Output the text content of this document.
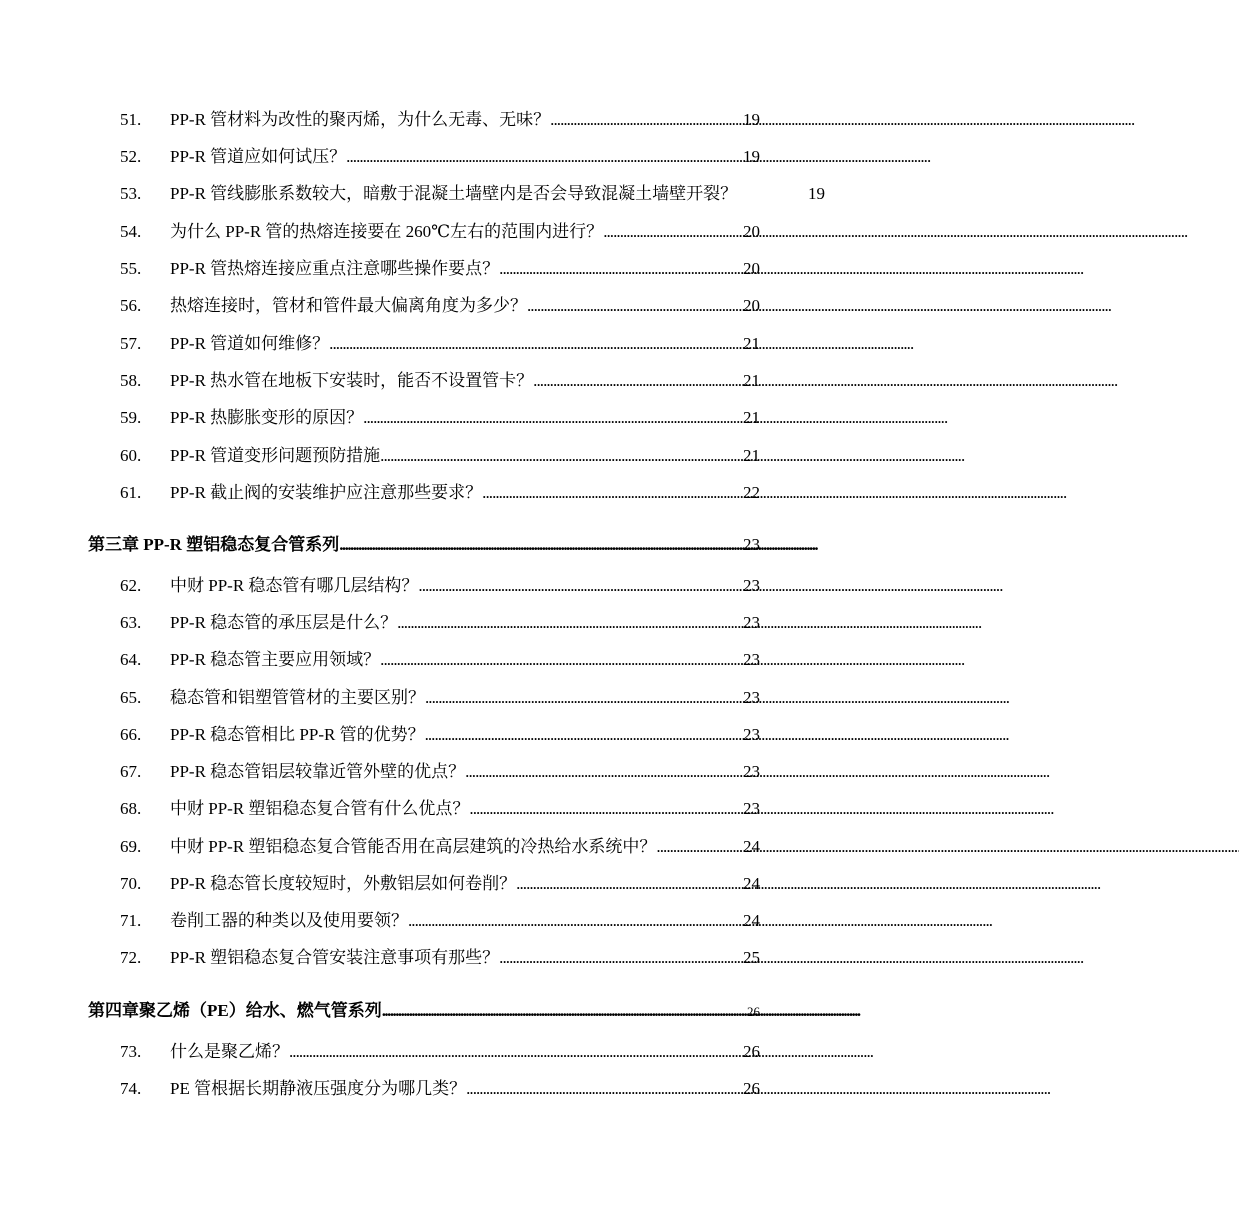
51.	PP-R 管材料为改性的聚丙烯，为什么无毒、无味？ . . .	19
52.	PP-R 管道应如何试压？ . . .	19
53.	PP-R 管线膨胀系数较大，暗敷于混凝土墙壁内是否会导致混凝土墙壁开裂？	19
54.	为什么 PP-R 管的热熔连接要在 260℃左右的范围内进行？ . . .	20
55.	PP-R 管热熔连接应重点注意哪些操作要点？ . . .	20
56.	热熔连接时，管材和管件最大偏离角度为多少？ . . .	20
57.	PP-R 管道如何维修？ . . .	21
58.	PP-R 热水管在地板下安装时，能否不设置管卡？ . . .	21
59.	PP-R 热膨胀变形的原因？ . . .	21
60.	PP-R 管道变形问题预防措施 . . .	21
61.	PP-R 截止阀的安装维护应注意那些要求？ . . .	22
第三章 PP-R 塑铝稳态复合管系列 . . .	23
62.	中财 PP-R 稳态管有哪几层结构？ . . .	23
63.	PP-R 稳态管的承压层是什么？ . . .	23
64.	PP-R 稳态管主要应用领域？ . . .	23
65.	稳态管和铝塑管管材的主要区别？ . . .	23
66.	PP-R 稳态管相比 PP-R 管的优势？ . . .	23
67.	PP-R 稳态管铝层较靠近管外壁的优点？ . . .	23
68.	中财 PP-R 塑铝稳态复合管有什么优点？ . . .	23
69.	中财 PP-R 塑铝稳态复合管能否用在高层建筑的冷热给水系统中？ . . .	24
70.	PP-R 稳态管长度较短时，外敷铝层如何卷削？ . . .	24
71.	卷削工器的种类以及使用要领？ . . .	24
72.	PP-R 塑铝稳态复合管安装注意事项有那些？ . . .	25
第四章聚乙烯（PE）给水、燃气管系列 . . .	26
73.	什么是聚乙烯？ . . .	26
74.	PE 管根据长期静液压强度分为哪几类？ . . .	26
